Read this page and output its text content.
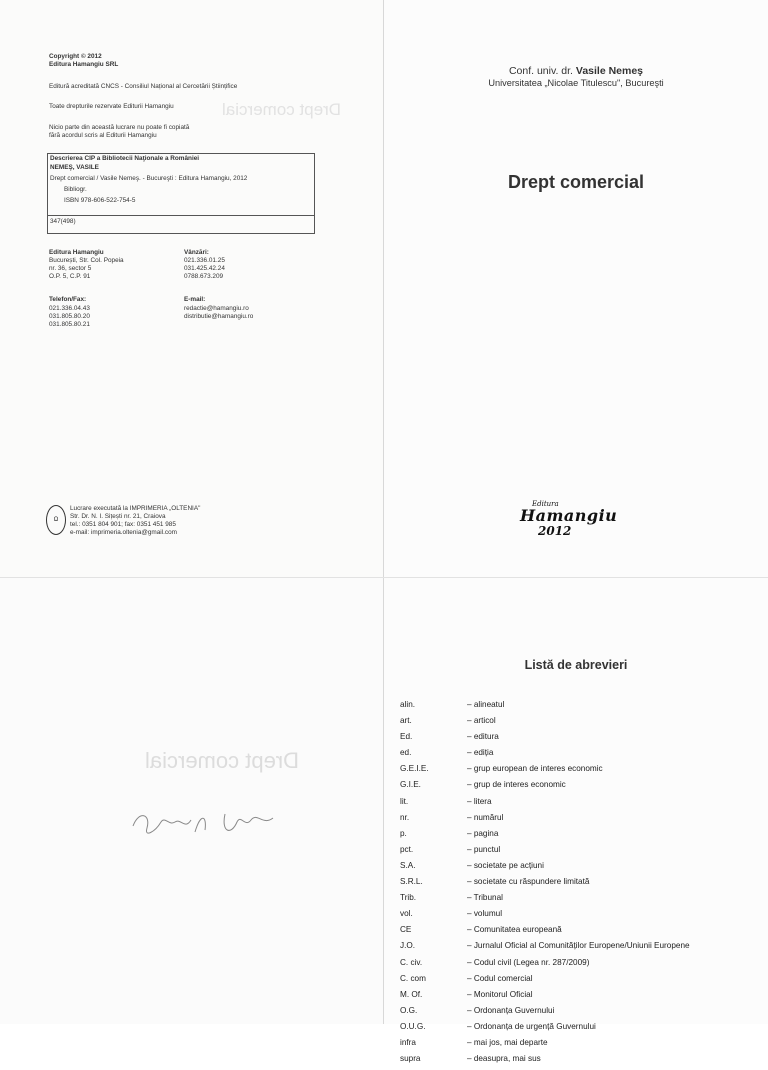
Copyright © 2012
Editura Hamangiu SRL
Editură acreditată CNCS - Consiliul Național al Cercetării Științifice
Toate drepturile rezervate Editurii Hamangiu
Nicio parte din această lucrare nu poate fi copiată
fără acordul scris al Editurii Hamangiu
Descrierea CIP a Bibliotecii Naţionale a României
NEMEŞ, VASILE
Drept comercial / Vasile Nemeş. - Bucureşti : Editura Hamangiu, 2012
Bibliogr.
ISBN 978-606-522-754-5
347(498)
Editura Hamangiu
București, Str. Col. Popeia
nr. 36, sector 5
O.P. 5, C.P. 91
Vânzări:
021.336.01.25
031.425.42.24
0788.673.209
Telefon/Fax:
021.336.04.43
031.805.80.20
031.805.80.21
E-mail:
redactie@hamangiu.ro
distributie@hamangiu.ro
Ω
Lucrare executată la IMPRIMERIA „OLTENIA"
Str. Dr. N. I. Sițești nr. 21, Craiova
tel.: 0351 804 901; fax: 0351 451 985
e-mail: imprimeria.oltenia@gmail.com
Drept comercial
Conf. univ. dr. Vasile Nemeş
Universitatea „Nicolae Titulescu", Bucureşti
Drept comercial
Editura
Hamangiu
2012
Drept comercial
Listă de abrevieri
alin.	– alineatul
art.	– articol
Ed.	– editura
ed.	– ediția
G.E.I.E.	– grup european de interes economic
G.I.E.	– grup de interes economic
lit.	– litera
nr.	– numărul
p.	– pagina
pct.	– punctul
S.A.	– societate pe acțiuni
S.R.L.	– societate cu răspundere limitată
Trib.	– Tribunal
vol.	– volumul
CE	– Comunitatea europeană
J.O.	– Jurnalul Oficial al Comunităților Europene/Uniunii Europene
C. civ.	– Codul civil (Legea nr. 287/2009)
C. com	– Codul comercial
M. Of.	– Monitorul Oficial
O.G.	– Ordonanța Guvernului
O.U.G.	– Ordonanța de urgență Guvernului
infra	– mai jos, mai departe
supra	– deasupra, mai sus
